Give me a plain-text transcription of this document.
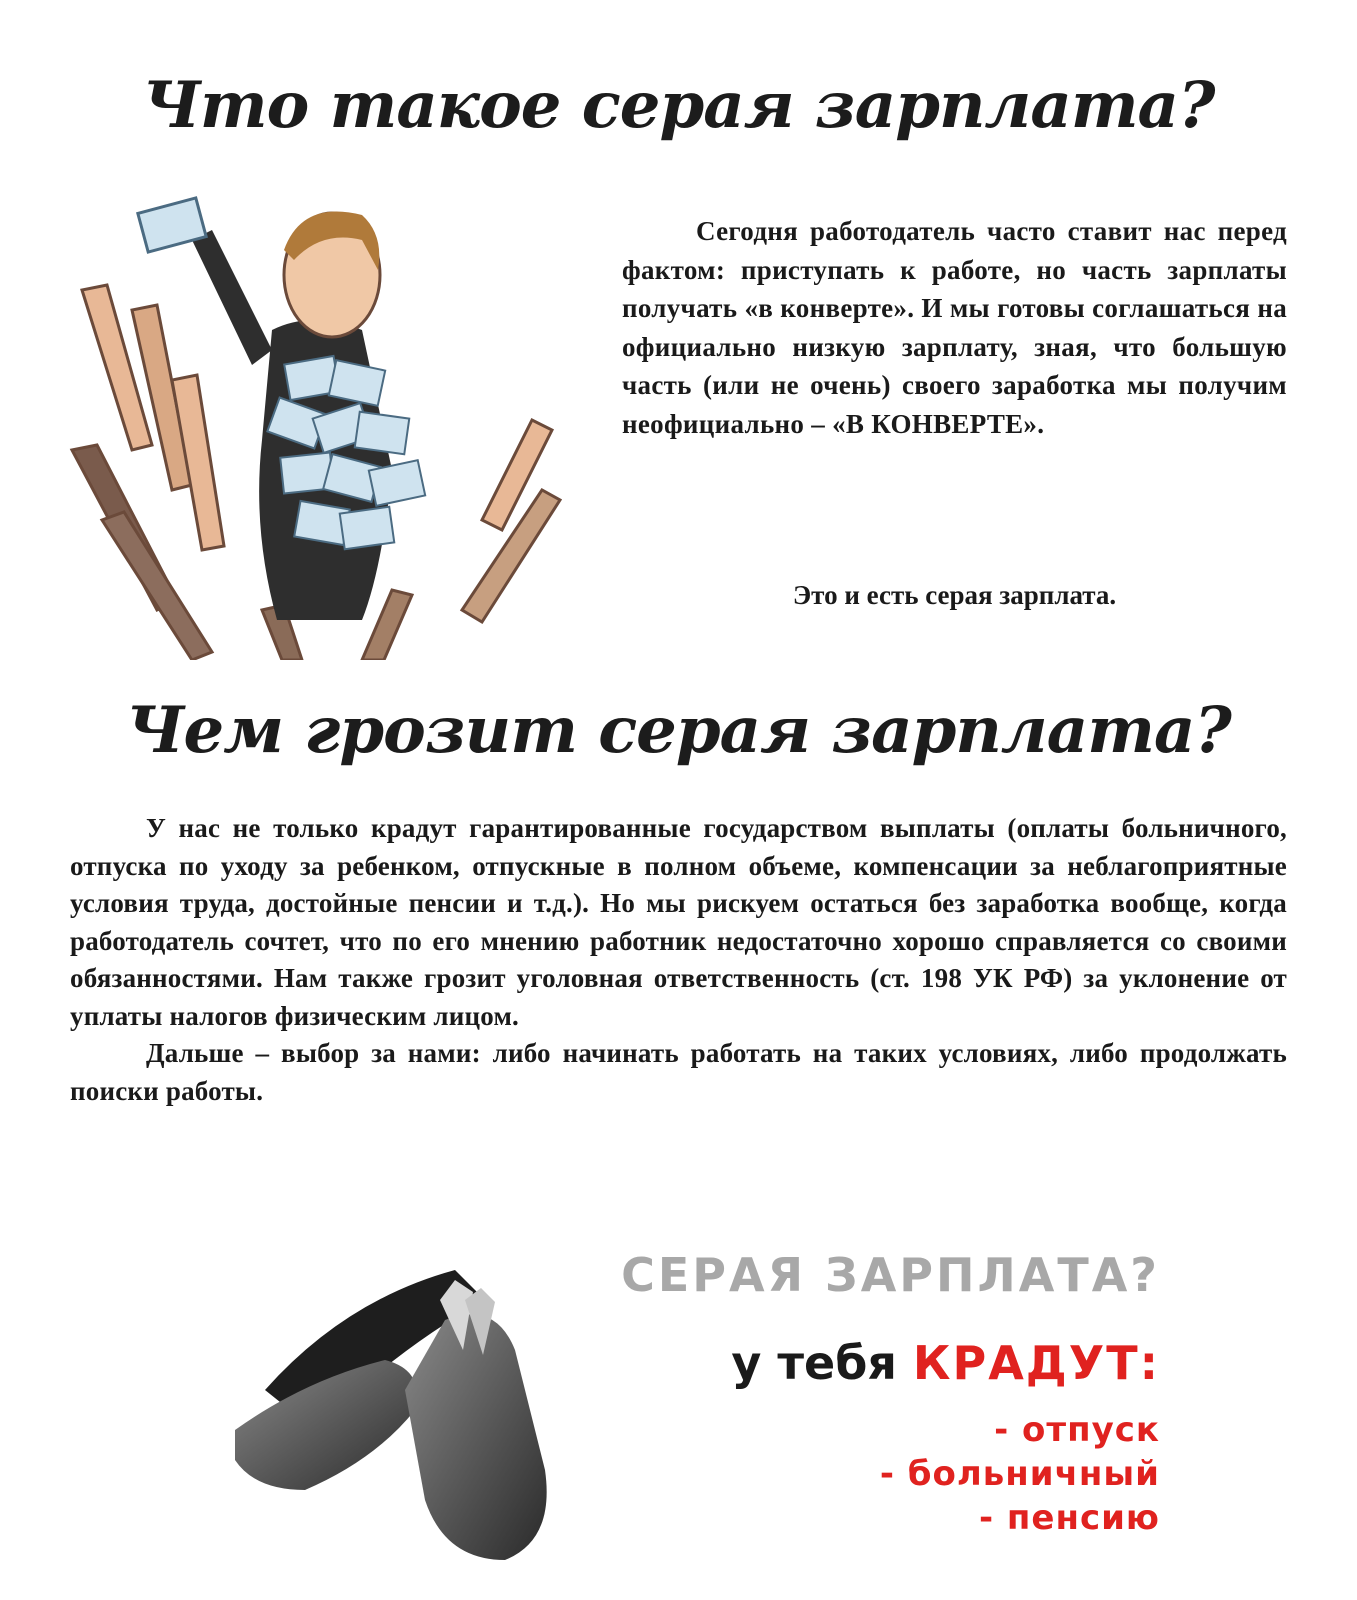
Что такое серая зарплата?

Сегодня работодатель часто ставит нас перед фактом: приступать к работе, но часть зарплаты получать «в конверте». И мы готовы соглашаться на официально низкую зарплату, зная, что большую часть (или не очень) своего заработка мы получим неофициально – «В КОНВЕРТЕ».

Это и есть серая зарплата.

Чем грозит серая зарплата?

У нас не только крадут гарантированные государством выплаты (оплаты больничного, отпуска по уходу за ребенком, отпускные в полном объеме, компенсации за неблагоприятные условия труда, достойные пенсии и т.д.). Но мы рискуем остаться без заработка вообще, когда работодатель сочтет, что по его мнению работник недостаточно хорошо справляется со своими обязанностями. Нам также грозит уголовная ответственность (ст. 198 УК РФ) за уклонение от уплаты налогов физическим лицом.

Дальше – выбор за нами: либо начинать работать на таких условиях, либо продолжать поиски работы.

СЕРАЯ ЗАРПЛАТА?

у тебя КРАДУТ:

- отпуск
- больничный
- пенсию
